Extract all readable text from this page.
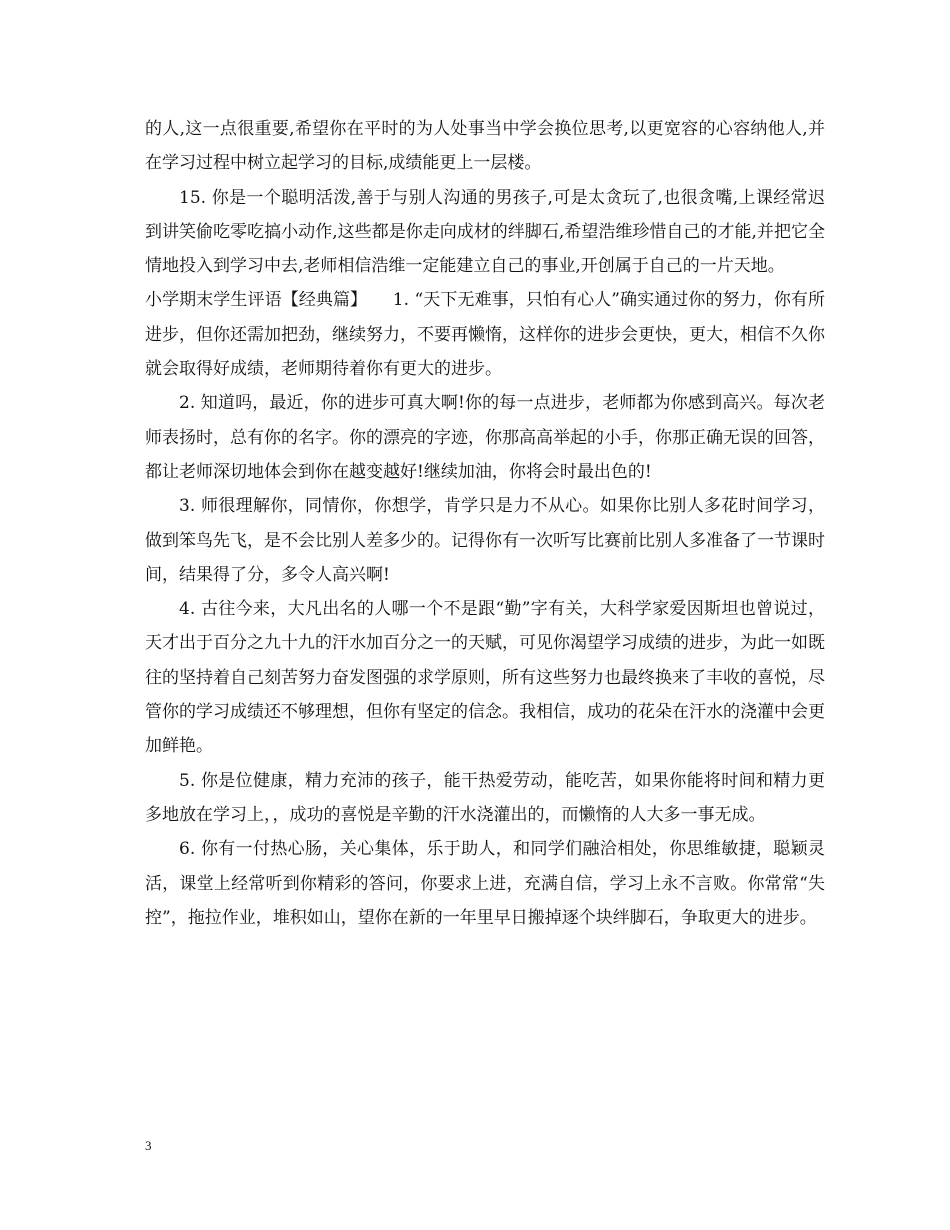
的人,这一点很重要,希望你在平时的为人处事当中学会换位思考,以更宽容的心容纳他人,并在学习过程中树立起学习的目标,成绩能更上一层楼。

15. 你是一个聪明活泼,善于与别人沟通的男孩子,可是太贪玩了,也很贪嘴,上课经常迟到讲笑偷吃零吃搞小动作,这些都是你走向成材的绊脚石,希望浩维珍惜自己的才能,并把它全情地投入到学习中去,老师相信浩维一定能建立自己的事业,开创属于自己的一片天地。

小学期末学生评语【经典篇】　　1. “天下无难事，只怕有心人”确实通过你的努力，你有所进步，但你还需加把劲，继续努力，不要再懒惰，这样你的进步会更快，更大，相信不久你就会取得好成绩，老师期待着你有更大的进步。

2. 知道吗，最近，你的进步可真大啊!你的每一点进步，老师都为你感到高兴。每次老师表扬时，总有你的名字。你的漂亮的字迹，你那高高举起的小手，你那正确无误的回答，都让老师深切地体会到你在越变越好!继续加油，你将会时最出色的!

3. 师很理解你，同情你，你想学，肯学只是力不从心。如果你比别人多花时间学习，做到笨鸟先飞，是不会比别人差多少的。记得你有一次听写比赛前比别人多准备了一节课时间，结果得了分，多令人高兴啊!

4. 古往今来，大凡出名的人哪一个不是跟“勤”字有关，大科学家爱因斯坦也曾说过，天才出于百分之九十九的汗水加百分之一的天赋，可见你渴望学习成绩的进步，为此一如既往的坚持着自己刻苦努力奋发图强的求学原则，所有这些努力也最终换来了丰收的喜悦，尽管你的学习成绩还不够理想，但你有坚定的信念。我相信，成功的花朵在汗水的浇灌中会更加鲜艳。

5. 你是位健康，精力充沛的孩子，能干热爱劳动，能吃苦，如果你能将时间和精力更多地放在学习上，，成功的喜悦是辛勤的汗水浇灌出的，而懒惰的人大多一事无成。

6. 你有一付热心肠，关心集体，乐于助人，和同学们融洽相处，你思维敏捷，聪颖灵活，课堂上经常听到你精彩的答问，你要求上进，充满自信，学习上永不言败。你常常“失控”，拖拉作业，堆积如山，望你在新的一年里早日搬掉逐个块绊脚石，争取更大的进步。

3
